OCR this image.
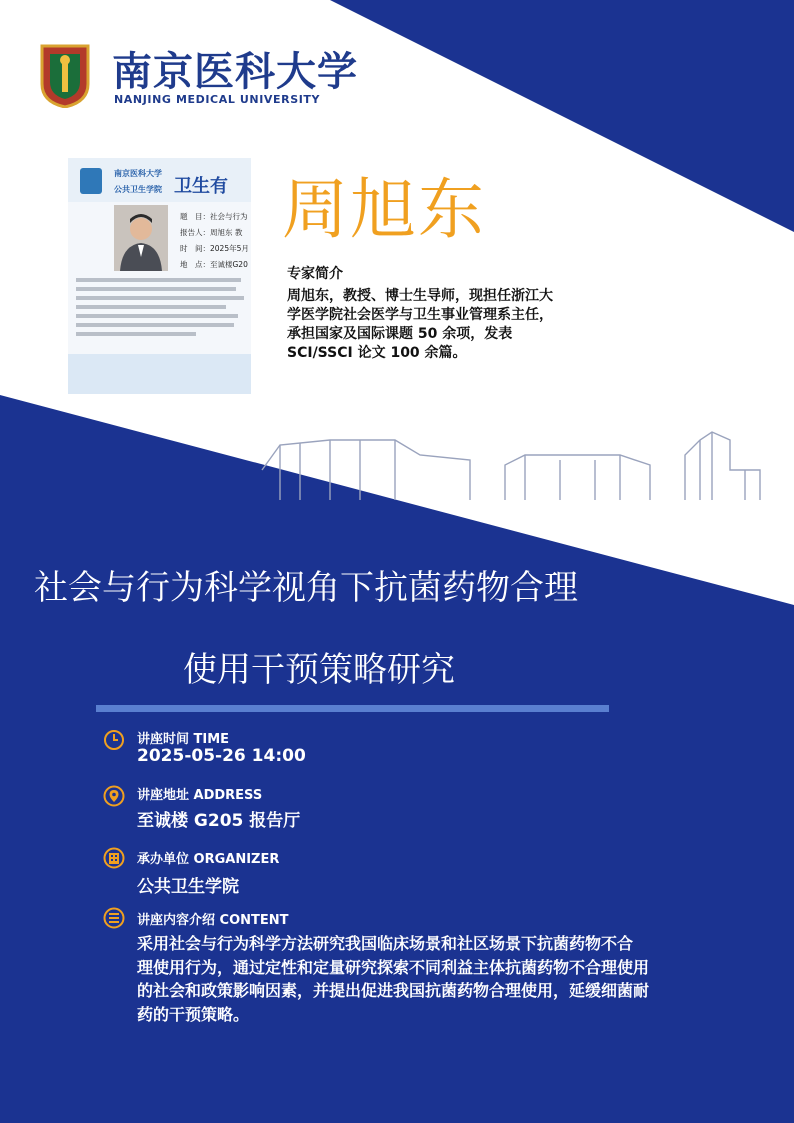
南京医科大学
NANJING MEDICAL UNIVERSITY
南京医科大学
公共卫生学院 卫生有
题　目：社会与行为
报告人：周旭东 教
时　间：2025年5月
地　点：至诚楼G20
周旭东
专家简介
周旭东，教授、博士生导师，现担任浙江大
学医学院社会医学与卫生事业管理系主任，
承担国家及国际课题 50 余项，发表
SCI/SSCI 论文 100 余篇。
社会与行为科学视角下抗菌药物合理
使用干预策略研究
讲座时间 TIME
2025-05-26 14:00
讲座地址 ADDRESS
至诚楼 G205 报告厅
承办单位 ORGANIZER
公共卫生学院
讲座内容介绍 CONTENT
采用社会与行为科学方法研究我国临床场景和社区场景下抗菌药物不合
理使用行为，通过定性和定量研究探索不同利益主体抗菌药物不合理使用
的社会和政策影响因素，并提出促进我国抗菌药物合理使用，延缓细菌耐
药的干预策略。
